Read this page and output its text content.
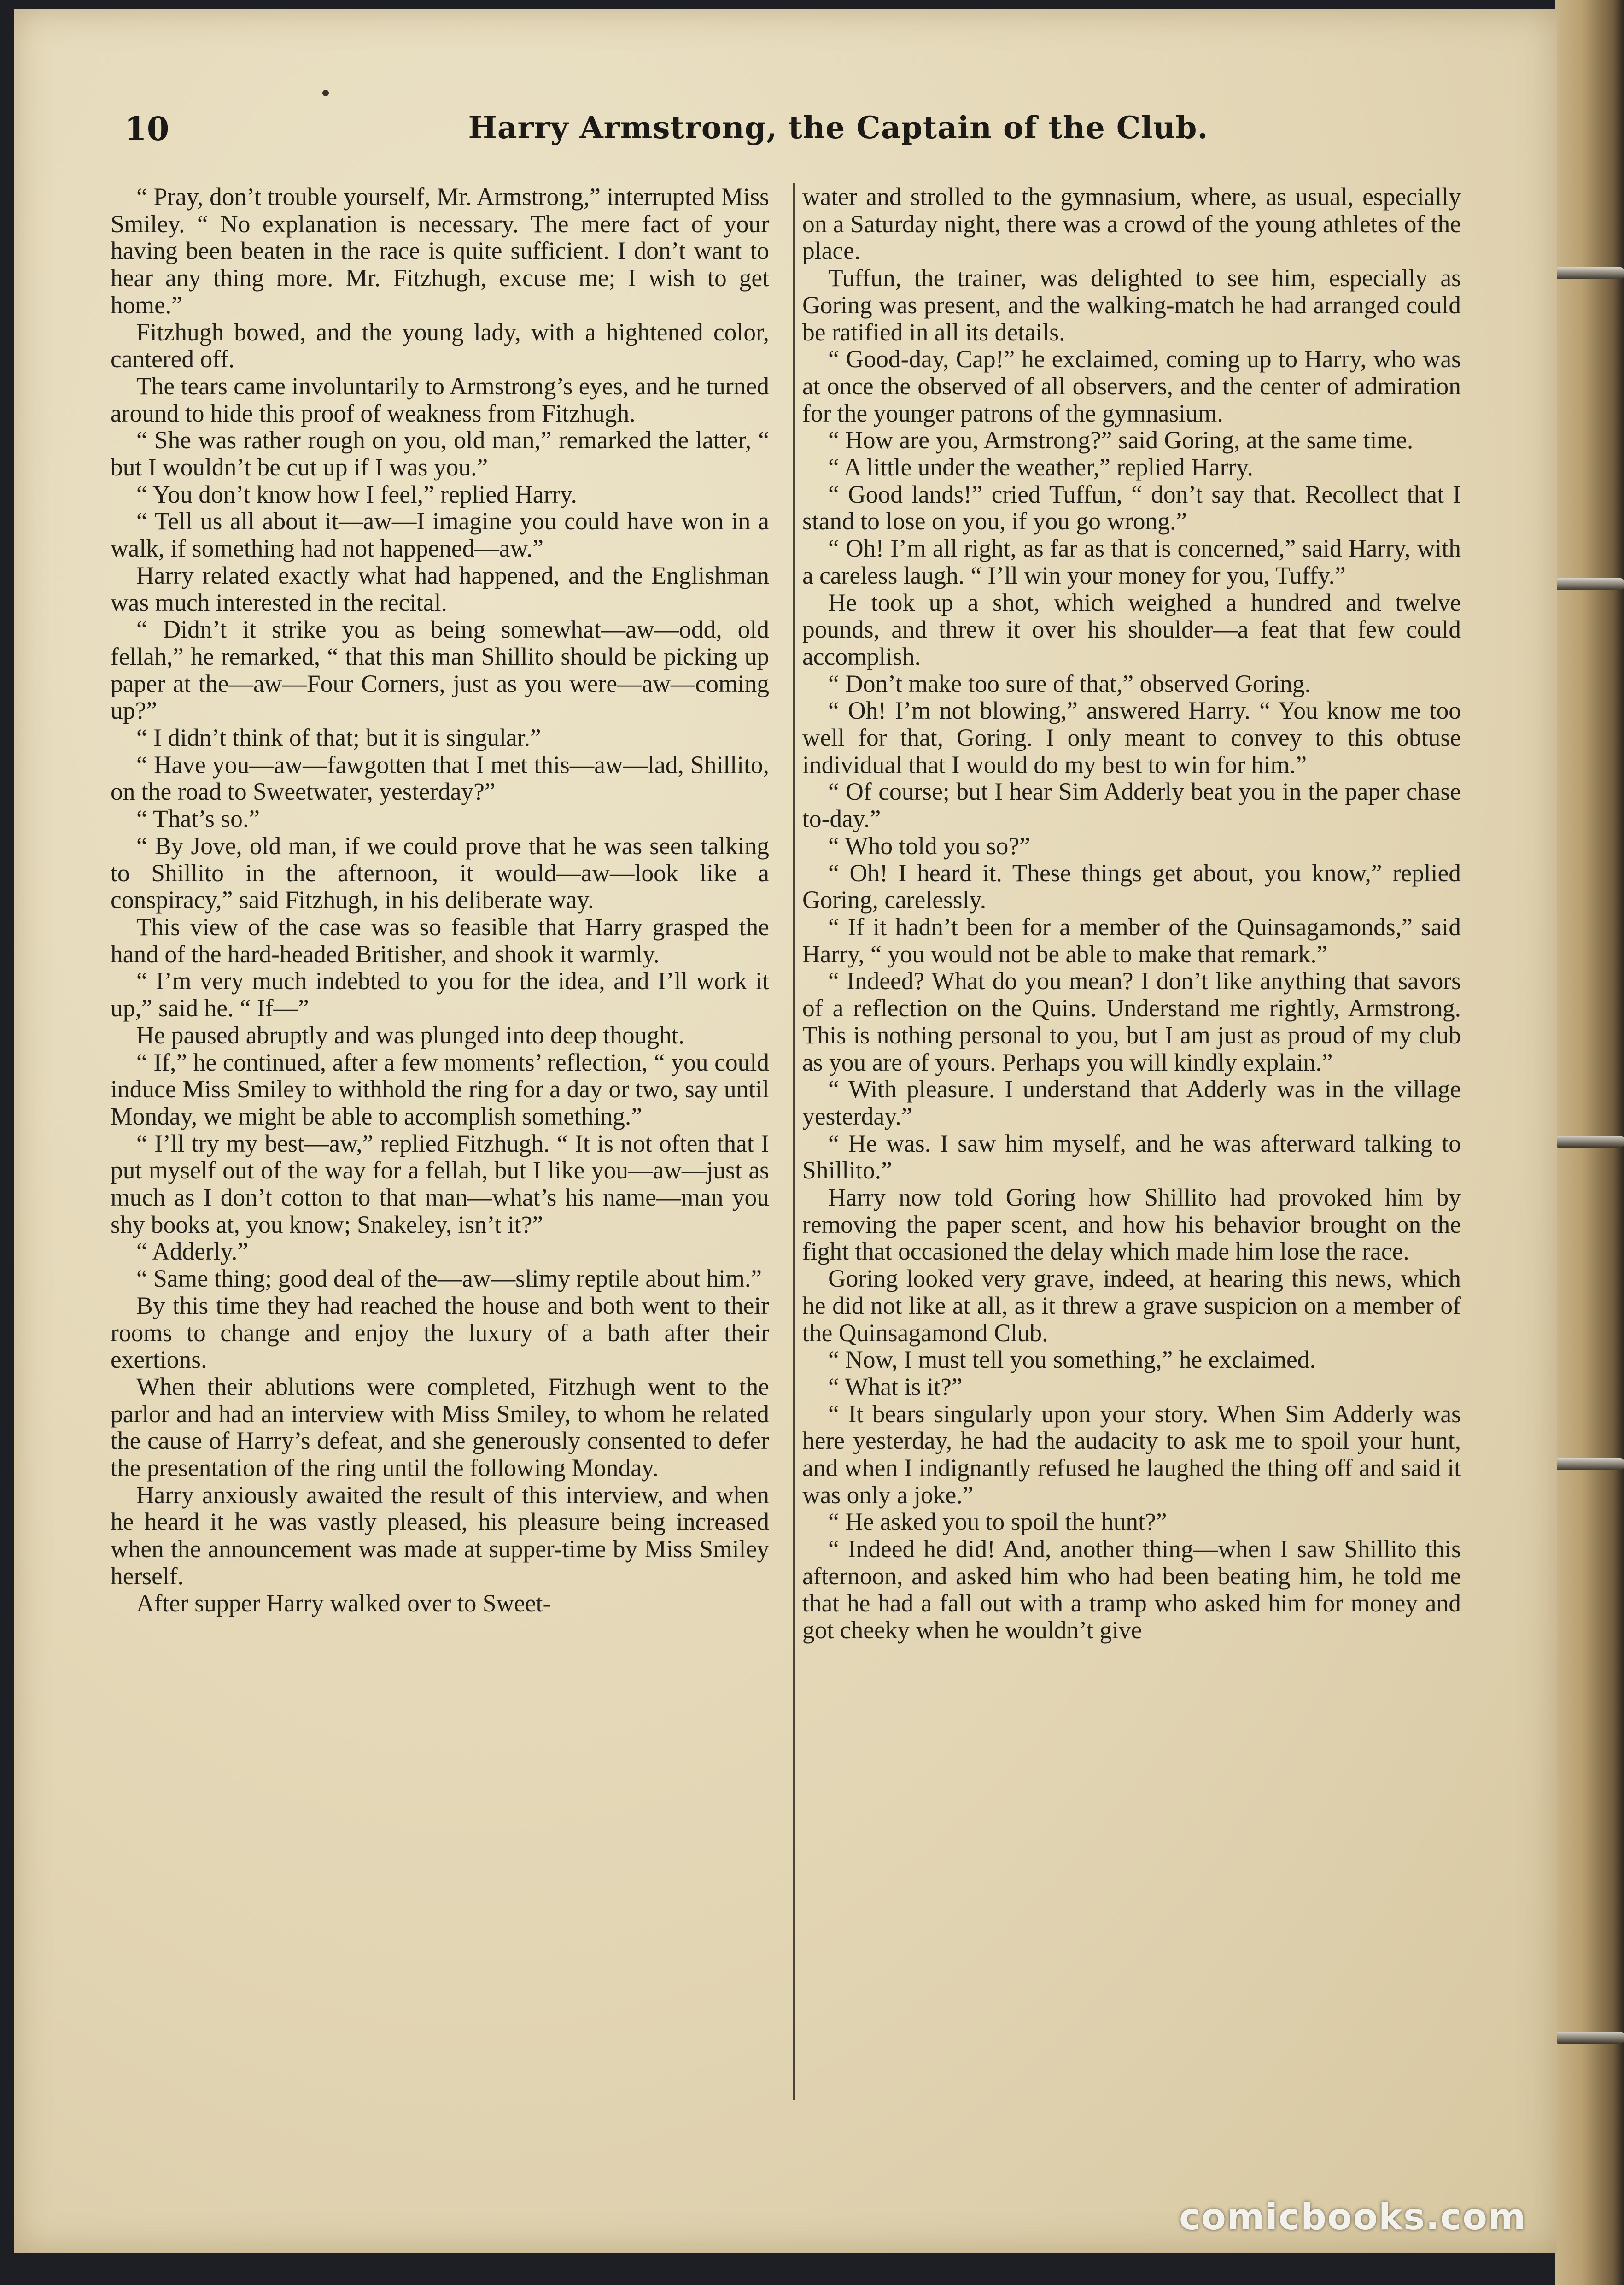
10	Harry Armstrong, the Captain of the Club.

“ Pray, don’t trouble yourself, Mr. Armstrong,” interrupted Miss Smiley. “ No explanation is necessary. The mere fact of your having been beaten in the race is quite sufficient. I don’t want to hear any thing more. Mr. Fitzhugh, excuse me; I wish to get home.”

Fitzhugh bowed, and the young lady, with a hightened color, cantered off.

The tears came involuntarily to Armstrong’s eyes, and he turned around to hide this proof of weakness from Fitzhugh.

“ She was rather rough on you, old man,” remarked the latter, “ but I wouldn’t be cut up if I was you.”

“ You don’t know how I feel,” replied Harry.

“ Tell us all about it—aw—I imagine you could have won in a walk, if something had not happened—aw.”

Harry related exactly what had happened, and the Englishman was much interested in the recital.

“ Didn’t it strike you as being somewhat—aw—odd, old fellah,” he remarked, “ that this man Shillito should be picking up paper at the—aw—Four Corners, just as you were—aw—coming up?”

“ I didn’t think of that; but it is singular.”

“ Have you—aw—fawgotten that I met this—aw—lad, Shillito, on the road to Sweetwater, yesterday?”

“ That’s so.”

“ By Jove, old man, if we could prove that he was seen talking to Shillito in the afternoon, it would—aw—look like a conspiracy,” said Fitzhugh, in his deliberate way.

This view of the case was so feasible that Harry grasped the hand of the hard-headed Britisher, and shook it warmly.

“ I’m very much indebted to you for the idea, and I’ll work it up,” said he. “ If—”

He paused abruptly and was plunged into deep thought.

“ If,” he continued, after a few moments’ reflection, “ you could induce Miss Smiley to withhold the ring for a day or two, say until Monday, we might be able to accomplish something.”

“ I’ll try my best—aw,” replied Fitzhugh. “ It is not often that I put myself out of the way for a fellah, but I like you—aw—just as much as I don’t cotton to that man—what’s his name—man you shy books at, you know; Snakeley, isn’t it?”

“ Adderly.”

“ Same thing; good deal of the—aw—slimy reptile about him.”

By this time they had reached the house and both went to their rooms to change and enjoy the luxury of a bath after their exertions.

When their ablutions were completed, Fitzhugh went to the parlor and had an interview with Miss Smiley, to whom he related the cause of Harry’s defeat, and she generously consented to defer the presentation of the ring until the following Monday.

Harry anxiously awaited the result of this interview, and when he heard it he was vastly pleased, his pleasure being increased when the announcement was made at supper-time by Miss Smiley herself.

After supper Harry walked over to Sweet-

water and strolled to the gymnasium, where, as usual, especially on a Saturday night, there was a crowd of the young athletes of the place.

Tuffun, the trainer, was delighted to see him, especially as Goring was present, and the walking-match he had arranged could be ratified in all its details.

“ Good-day, Cap!” he exclaimed, coming up to Harry, who was at once the observed of all observers, and the center of admiration for the younger patrons of the gymnasium.

“ How are you, Armstrong?” said Goring, at the same time.

“ A little under the weather,” replied Harry.

“ Good lands!” cried Tuffun, “ don’t say that. Recollect that I stand to lose on you, if you go wrong.”

“ Oh! I’m all right, as far as that is concerned,” said Harry, with a careless laugh. “ I’ll win your money for you, Tuffy.”

He took up a shot, which weighed a hundred and twelve pounds, and threw it over his shoulder—a feat that few could accomplish.

“ Don’t make too sure of that,” observed Goring.

“ Oh! I’m not blowing,” answered Harry. “ You know me too well for that, Goring. I only meant to convey to this obtuse individual that I would do my best to win for him.”

“ Of course; but I hear Sim Adderly beat you in the paper chase to-day.”

“ Who told you so?”

“ Oh! I heard it. These things get about, you know,” replied Goring, carelessly.

“ If it hadn’t been for a member of the Quinsagamonds,” said Harry, “ you would not be able to make that remark.”

“ Indeed? What do you mean? I don’t like anything that savors of a reflection on the Quins. Understand me rightly, Armstrong. This is nothing personal to you, but I am just as proud of my club as you are of yours. Perhaps you will kindly explain.”

“ With pleasure. I understand that Adderly was in the village yesterday.”

“ He was. I saw him myself, and he was afterward talking to Shillito.”

Harry now told Goring how Shillito had provoked him by removing the paper scent, and how his behavior brought on the fight that occasioned the delay which made him lose the race.

Goring looked very grave, indeed, at hearing this news, which he did not like at all, as it threw a grave suspicion on a member of the Quinsagamond Club.

“ Now, I must tell you something,” he exclaimed.

“ What is it?”

“ It bears singularly upon your story. When Sim Adderly was here yesterday, he had the audacity to ask me to spoil your hunt, and when I indignantly refused he laughed the thing off and said it was only a joke.”

“ He asked you to spoil the hunt?”

“ Indeed he did! And, another thing—when I saw Shillito this afternoon, and asked him who had been beating him, he told me that he had a fall out with a tramp who asked him for money and got cheeky when he wouldn’t give

comicbooks.com
